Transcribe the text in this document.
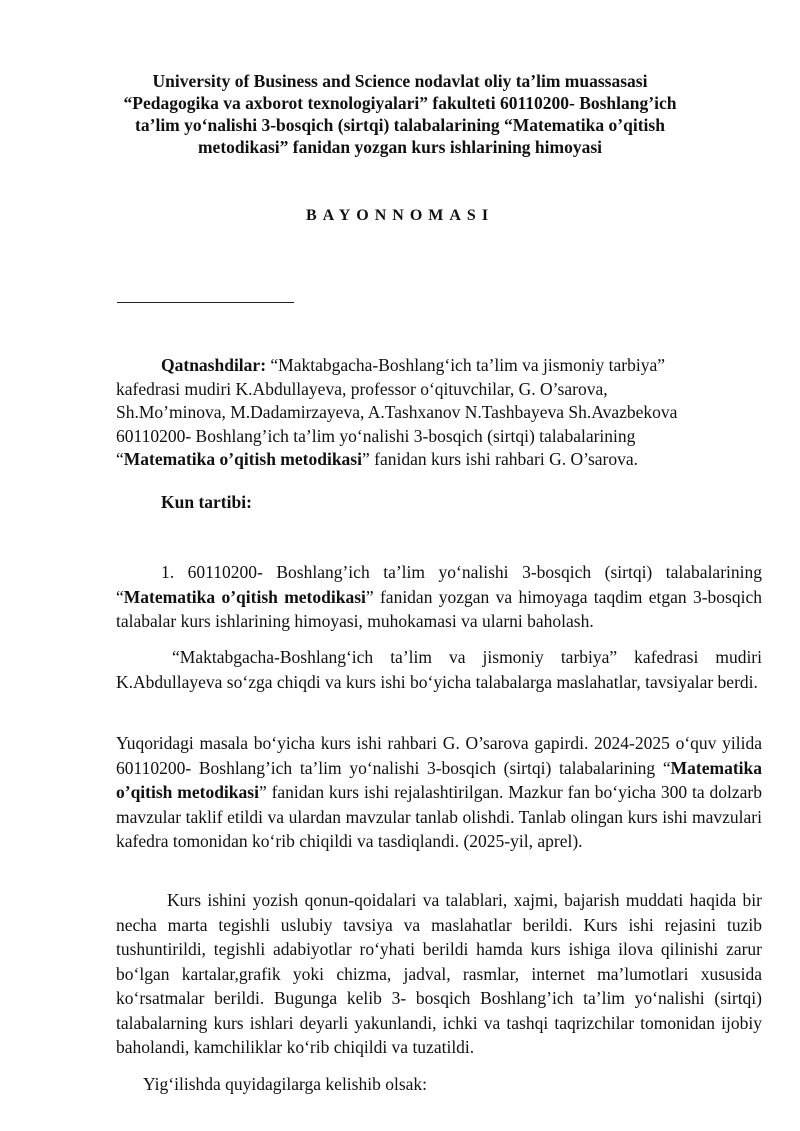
University of Business and Science nodavlat oliy ta’lim muassasasi
“Pedagogika va axborot texnologiyalari” fakulteti 60110200- Boshlang’ich
ta’lim yo‘nalishi 3-bosqich (sirtqi) talabalarining “Matematika o’qitish
metodikasi” fanidan yozgan kurs ishlarining himoyasi
BAYONNOMASI
Qatnashdilar: “Maktabgacha-Boshlang‘ich ta’lim va jismoniy tarbiya”
kafedrasi mudiri K.Abdullayeva, professor o‘qituvchilar, G. O’sarova,
Sh.Mo’minova, M.Dadamirzayeva, A.Tashxanov N.Tashbayeva Sh.Avazbekova
60110200- Boshlang’ich ta’lim yo‘nalishi 3-bosqich (sirtqi) talabalarining
“Matematika o’qitish metodikasi” fanidan kurs ishi rahbari G. O’sarova.
Kun tartibi:
1. 60110200- Boshlang’ich ta’lim yo‘nalishi 3-bosqich (sirtqi) talabalarining “Matematika o’qitish metodikasi” fanidan yozgan va himoyaga taqdim etgan 3-bosqich talabalar kurs ishlarining himoyasi, muhokamasi va ularni baholash.
“Maktabgacha-Boshlang‘ich ta’lim va jismoniy tarbiya” kafedrasi mudiri K.Abdullayeva so‘zga chiqdi va kurs ishi bo‘yicha talabalarga maslahatlar, tavsiyalar berdi.
Yuqoridagi masala bo‘yicha kurs ishi rahbari G. O’sarova gapirdi. 2024-2025 o‘quv yilida 60110200- Boshlang’ich ta’lim yo‘nalishi 3-bosqich (sirtqi) talabalarining “Matematika o’qitish metodikasi” fanidan kurs ishi rejalashtirilgan. Mazkur fan bo‘yicha 300 ta dolzarb mavzular taklif etildi va ulardan mavzular tanlab olishdi. Tanlab olingan kurs ishi mavzulari kafedra tomonidan ko‘rib chiqildi va tasdiqlandi. (2025-yil, aprel).
Kurs ishini yozish qonun-qoidalari va talablari, xajmi, bajarish muddati haqida bir necha marta tegishli uslubiy tavsiya va maslahatlar berildi. Kurs ishi rejasini tuzib tushuntirildi, tegishli adabiyotlar ro‘yhati berildi hamda kurs ishiga ilova qilinishi zarur bo‘lgan kartalar,grafik yoki chizma, jadval, rasmlar, internet ma’lumotlari xususida ko‘rsatmalar berildi. Bugunga kelib 3- bosqich Boshlang’ich ta’lim yo‘nalishi (sirtqi) talabalarning kurs ishlari deyarli yakunlandi, ichki va tashqi taqrizchilar tomonidan ijobiy baholandi, kamchiliklar ko‘rib chiqildi va tuzatildi.
Yig‘ilishda quyidagilarga kelishib olsak:
